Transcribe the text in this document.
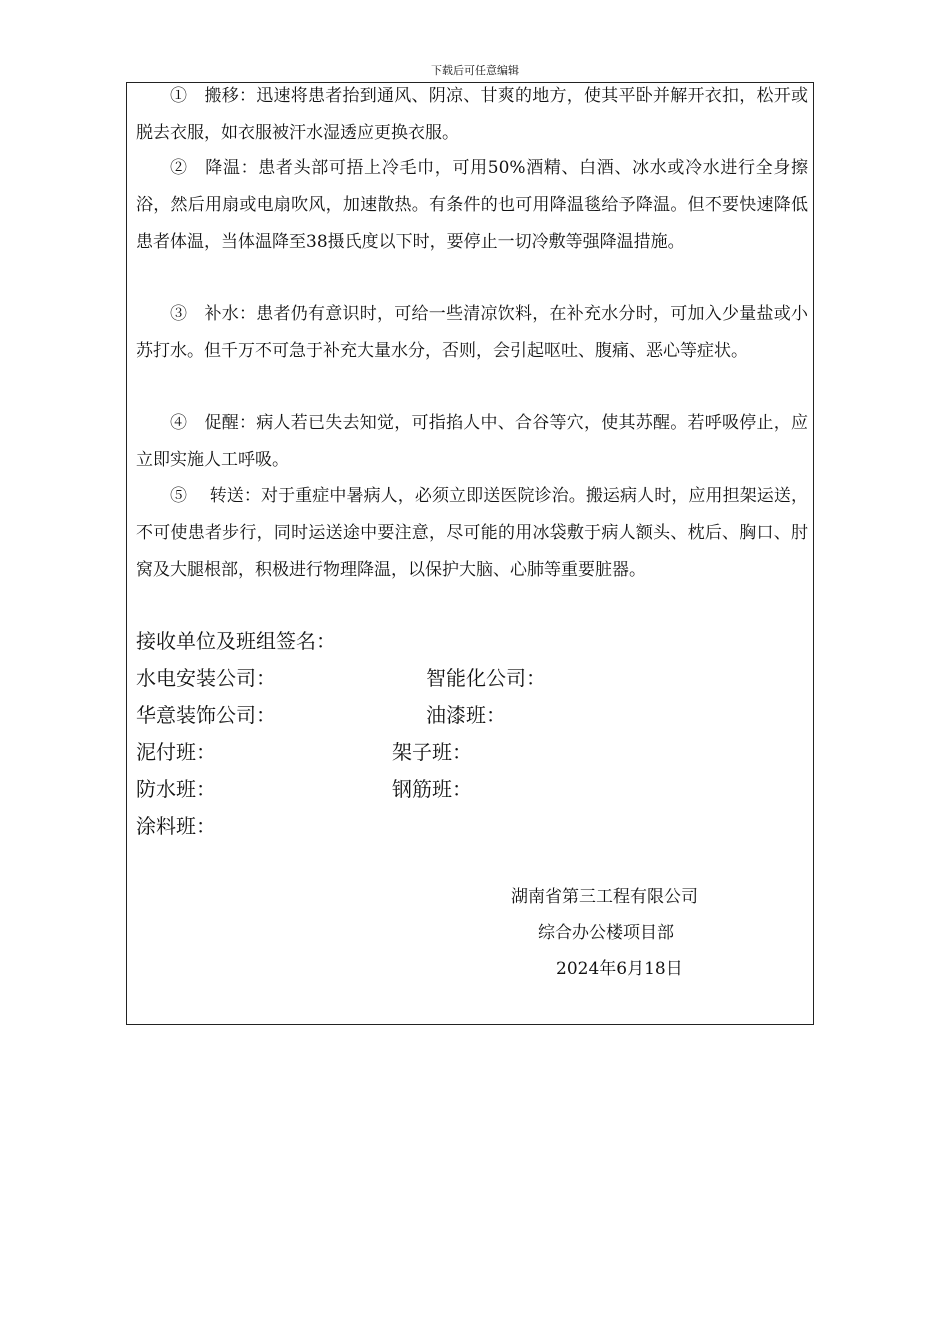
下载后可任意编辑

①　搬移：迅速将患者抬到通风、阴凉、甘爽的地方，使其平卧并解开衣扣，松开或脱去衣服，如衣服被汗水湿透应更换衣服。

②　降温：患者头部可捂上冷毛巾，可用50%酒精、白酒、冰水或冷水进行全身擦浴，然后用扇或电扇吹风，加速散热。有条件的也可用降温毯给予降温。但不要快速降低患者体温，当体温降至38摄氏度以下时，要停止一切冷敷等强降温措施。

③　补水：患者仍有意识时，可给一些清凉饮料，在补充水分时，可加入少量盐或小苏打水。但千万不可急于补充大量水分，否则，会引起呕吐、腹痛、恶心等症状。

④　促醒：病人若已失去知觉，可指掐人中、合谷等穴，使其苏醒。若呼吸停止，应立即实施人工呼吸。

⑤　 转送：对于重症中暑病人，必须立即送医院诊治。搬运病人时，应用担架运送，不可使患者步行，同时运送途中要注意，尽可能的用冰袋敷于病人额头、枕后、胸口、肘窝及大腿根部，积极进行物理降温，以保护大脑、心肺等重要脏器。

接收单位及班组签名：

水电安装公司：	智能化公司：

华意装饰公司：	油漆班：

泥付班：	架子班：

防水班：	钢筋班：

涂料班：

湖南省第三工程有限公司

综合办公楼项目部

2024年6月18日
